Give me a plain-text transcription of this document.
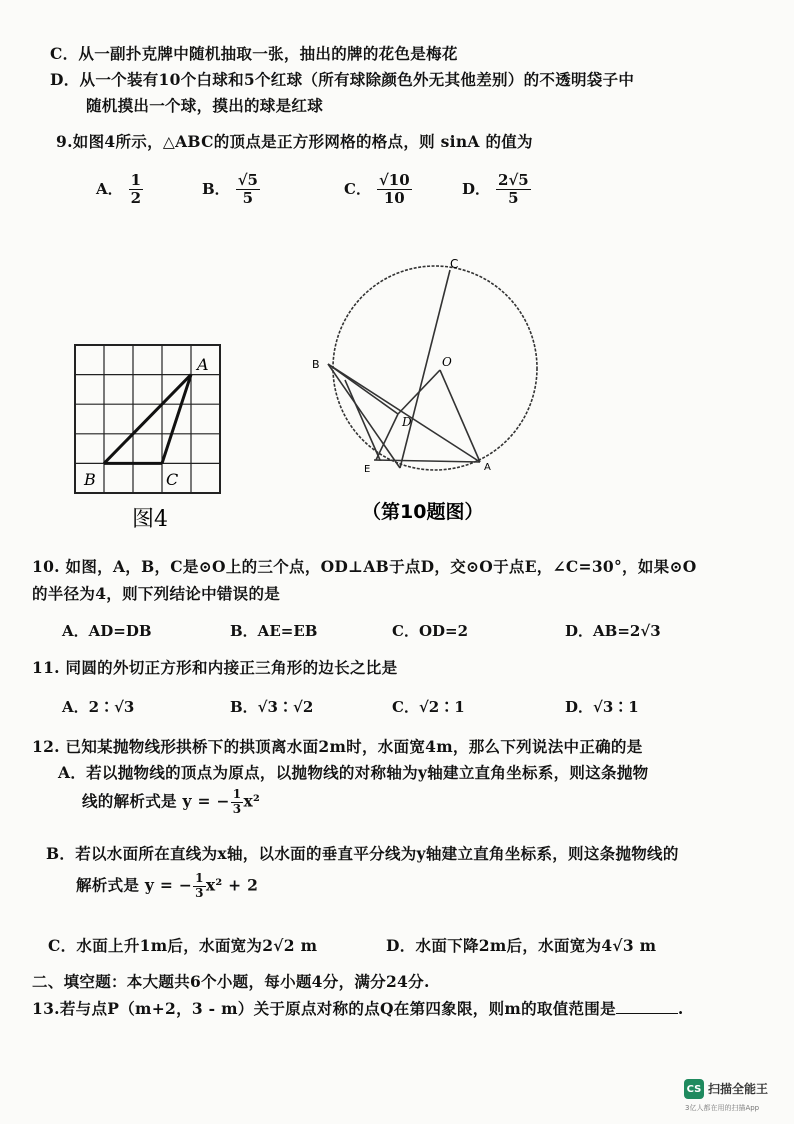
C．从一副扑克牌中随机抽取一张，抽出的牌的花色是梅花
D．从一个装有10个白球和5个红球（所有球除颜色外无其他差别）的不透明袋子中
随机摸出一个球，摸出的球是红球
9.如图4所示，△ABC的顶点是正方形网格的格点，则 sinA 的值为
A． $\frac{1}{2}$	B． $\frac{√5}{5}$	C． $\frac{√10}{10}$	D． $\frac{2√5}{5}$
A
B	C
图4
C
B	O
D
E	A
（第10题图）
10. 如图，A，B，C是⊙O上的三个点，OD⊥AB于点D，交⊙O于点E，∠C=30°，如果⊙O
的半径为4，则下列结论中错误的是
A．AD=DB	B．AE=EB	C．OD=2	D．AB=2√3
11. 同圆的外切正方形和内接正三角形的边长之比是
A．2∶√3	B．√3∶√2	C．√2∶1	D．√3∶1
12. 已知某抛物线形拱桥下的拱顶离水面2m时，水面宽4m，那么下列说法中正确的是
A．若以抛物线的顶点为原点，以抛物线的对称轴为y轴建立直角坐标系，则这条抛物
线的解析式是 y = − $\frac{1}{3} x^2$
B．若以水面所在直线为x轴，以水面的垂直平分线为y轴建立直角坐标系，则这条抛物线的
解析式是 y = − $\frac{1}{3} x^2 + 2$
C．水面上升1m后，水面宽为2√2 m	D．水面下降2m后，水面宽为4√3 m
二、填空题：本大题共6个小题，每小题4分，满分24分.
13.若与点P（m+2，3 - m）关于原点对称的点Q在第四象限，则m的取值范围是	.
CS 扫描全能王
3亿人都在用的扫描App
